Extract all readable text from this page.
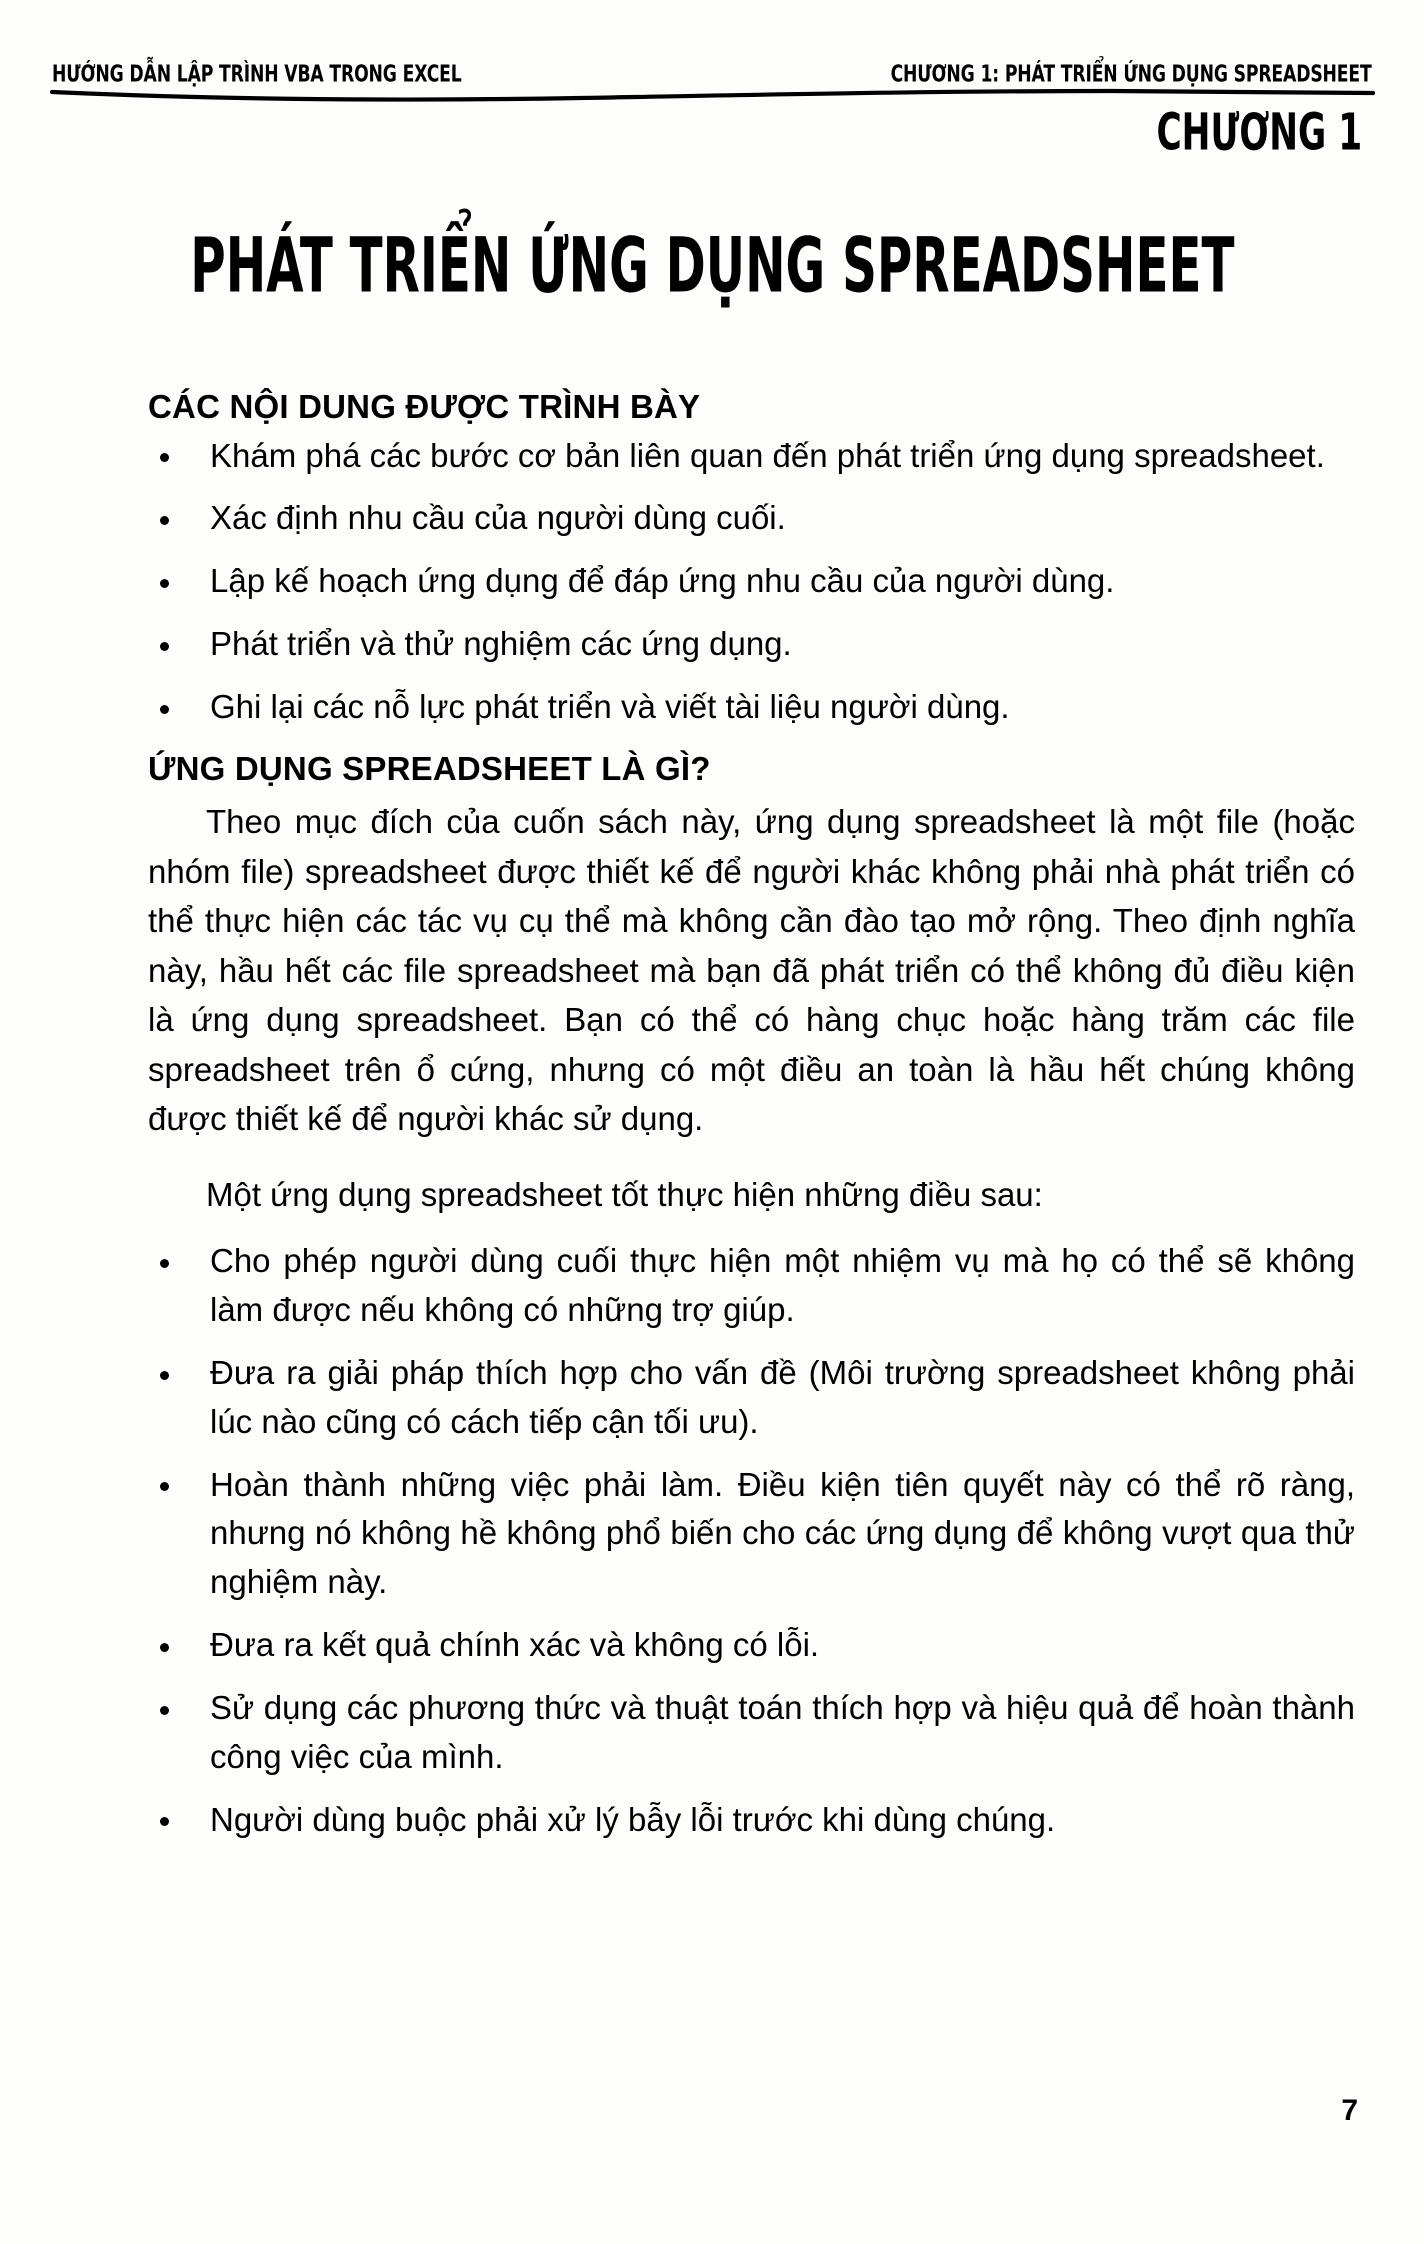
HƯỚNG DẪN LẬP TRÌNH VBA TRONG EXCEL	CHƯƠNG 1: PHÁT TRIỂN ỨNG DỤNG SPREADSHEET
CHƯƠNG 1
PHÁT TRIỂN ỨNG DỤNG SPREADSHEET
CÁC NỘI DUNG ĐƯỢC TRÌNH BÀY
Khám phá các bước cơ bản liên quan đến phát triển ứng dụng spreadsheet.
Xác định nhu cầu của người dùng cuối.
Lập kế hoạch ứng dụng để đáp ứng nhu cầu của người dùng.
Phát triển và thử nghiệm các ứng dụng.
Ghi lại các nỗ lực phát triển và viết tài liệu người dùng.
ỨNG DỤNG SPREADSHEET LÀ GÌ?

Theo mục đích của cuốn sách này, ứng dụng spreadsheet là một file (hoặc nhóm file) spreadsheet được thiết kế để người khác không phải nhà phát triển có thể thực hiện các tác vụ cụ thể mà không cần đào tạo mở rộng. Theo định nghĩa này, hầu hết các file spreadsheet mà bạn đã phát triển có thể không đủ điều kiện là ứng dụng spreadsheet. Bạn có thể có hàng chục hoặc hàng trăm các file spreadsheet trên ổ cứng, nhưng có một điều an toàn là hầu hết chúng không được thiết kế để người khác sử dụng.

Một ứng dụng spreadsheet tốt thực hiện những điều sau:

Cho phép người dùng cuối thực hiện một nhiệm vụ mà họ có thể sẽ không làm được nếu không có những trợ giúp.
Đưa ra giải pháp thích hợp cho vấn đề (Môi trường spreadsheet không phải lúc nào cũng có cách tiếp cận tối ưu).
Hoàn thành những việc phải làm. Điều kiện tiên quyết này có thể rõ ràng, nhưng nó không hề không phổ biến cho các ứng dụng để không vượt qua thử nghiệm này.
Đưa ra kết quả chính xác và không có lỗi.
Sử dụng các phương thức và thuật toán thích hợp và hiệu quả để hoàn thành công việc của mình.
Người dùng buộc phải xử lý bẫy lỗi trước khi dùng chúng.
7
